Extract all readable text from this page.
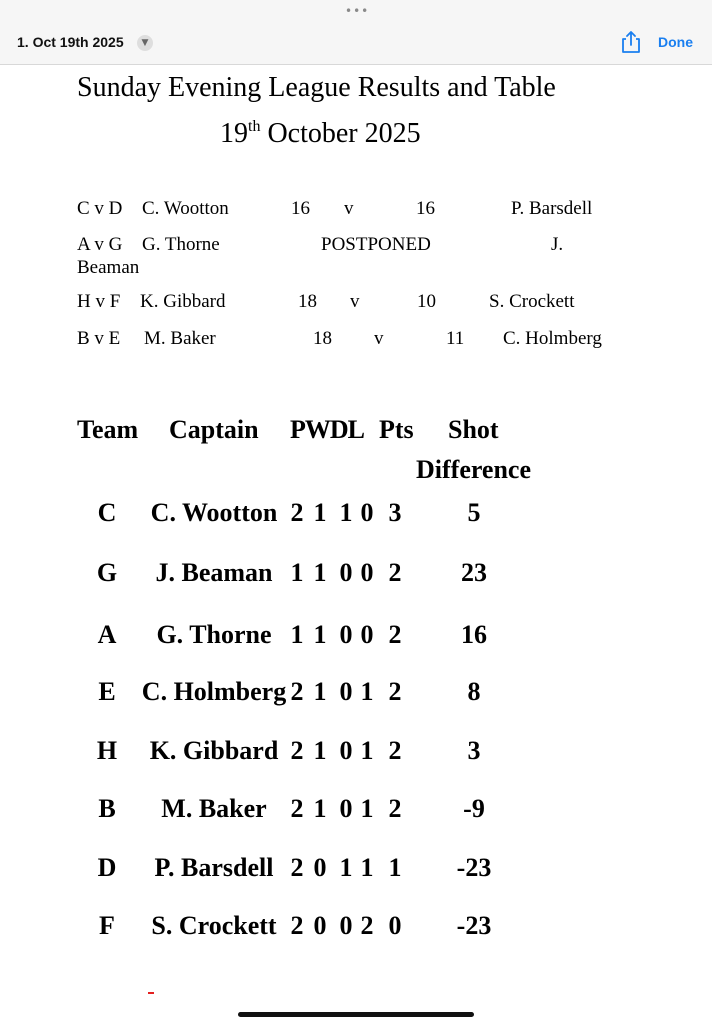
•••
1. Oct 19th 2025	▼	Done
Sunday Evening League Results and Table
19th October 2025
C v D C. Wootton	16 v	16	P. Barsdell
A v G G. Thorne	POSTPONED	J.
Beaman
H v F K. Gibbard	18 v	10	S. Crockett
B v E M. Baker	18 v	11 C. Holmberg
Team Captain PWDL Pts Shot
Difference
C C. Wootton 2 1 1 0 3	5
G J. Beaman 1 1 0 0 2 23
A G. Thorne 1 1 0 0 2 16
E C. Holmberg 2 1 0 1 2	8
H K. Gibbard 2 1 0 1 2	3
B M. Baker 2 1 0 1 2 -9
D P. Barsdell 2 0 1 1 1 -23
F S. Crockett 2 0 0 2 0 -23
